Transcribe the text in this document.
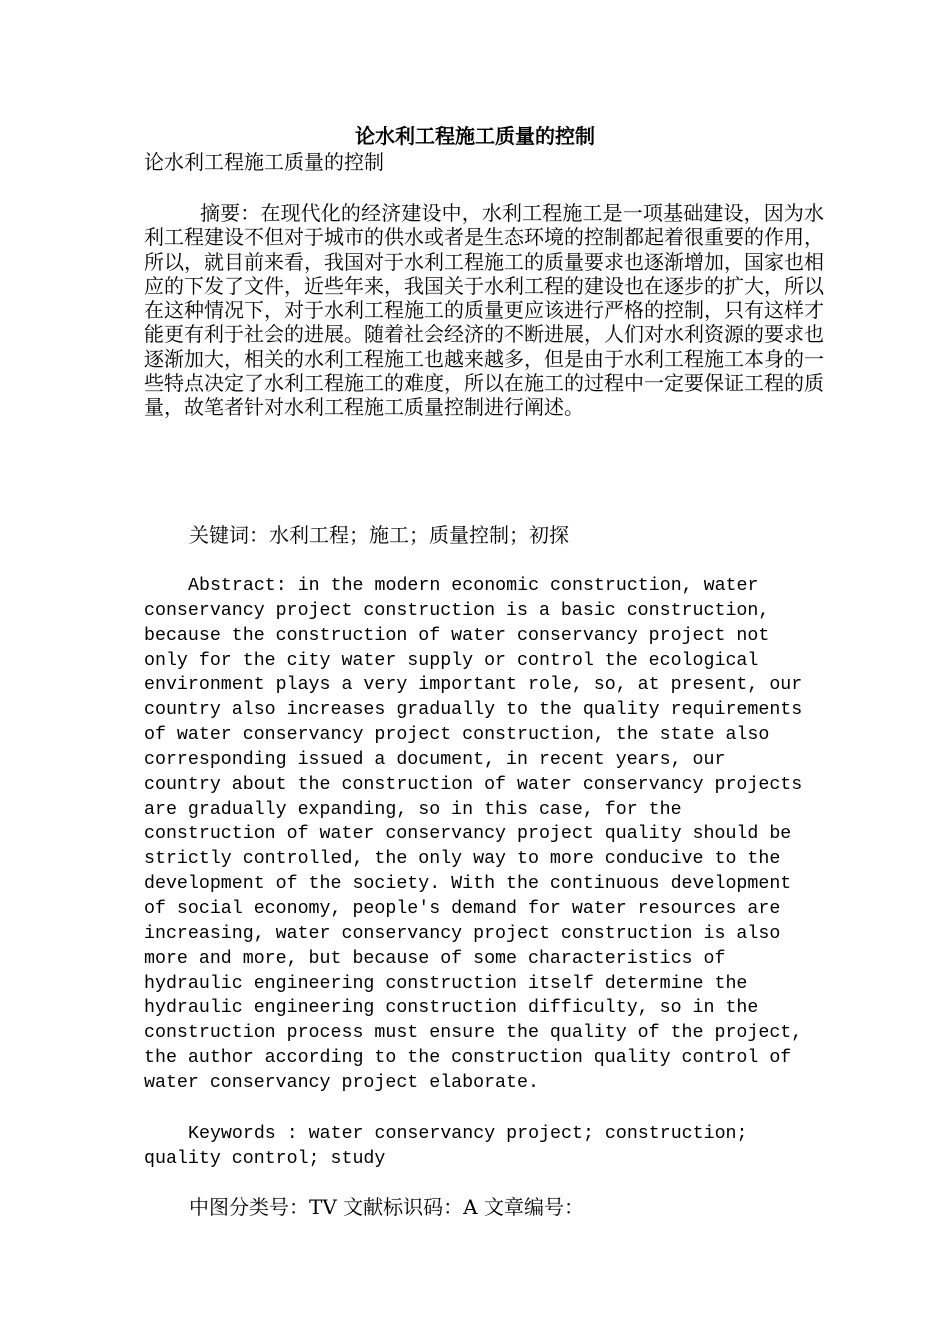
论水利工程施工质量的控制

论水利工程施工质量的控制

摘要：在现代化的经济建设中，水利工程施工是一项基础建设，因为水利工程建设不但对于城市的供水或者是生态环境的控制都起着很重要的作用，所以，就目前来看，我国对于水利工程施工的质量要求也逐渐增加，国家也相应的下发了文件，近些年来，我国关于水利工程的建设也在逐步的扩大，所以在这种情况下，对于水利工程施工的质量更应该进行严格的控制，只有这样才能更有利于社会的进展。随着社会经济的不断进展，人们对水利资源的要求也逐渐加大，相关的水利工程施工也越来越多，但是由于水利工程施工本身的一些特点决定了水利工程施工的难度，所以在施工的过程中一定要保证工程的质量，故笔者针对水利工程施工质量控制进行阐述。

关键词：水利工程；施工；质量控制；初探

Abstract: in the modern economic construction, water conservancy project construction is a basic construction, because the construction of water conservancy project not only for the city water supply or control the ecological environment plays a very important role, so, at present, our country also increases gradually to the quality requirements of water conservancy project construction, the state also corresponding issued a document, in recent years, our country about the construction of water conservancy projects are gradually expanding, so in this case, for the construction of water conservancy project quality should be strictly controlled, the only way to more conducive to the development of the society. With the continuous development of social economy, people's demand for water resources are increasing, water conservancy project construction is also more and more, but because of some characteristics of hydraulic engineering construction itself determine the hydraulic engineering construction difficulty, so in the construction process must ensure the quality of the project, the author according to the construction quality control of water conservancy project elaborate.

Keywords : water conservancy project; construction; quality control; study

中图分类号：TV 文献标识码：A 文章编号：
